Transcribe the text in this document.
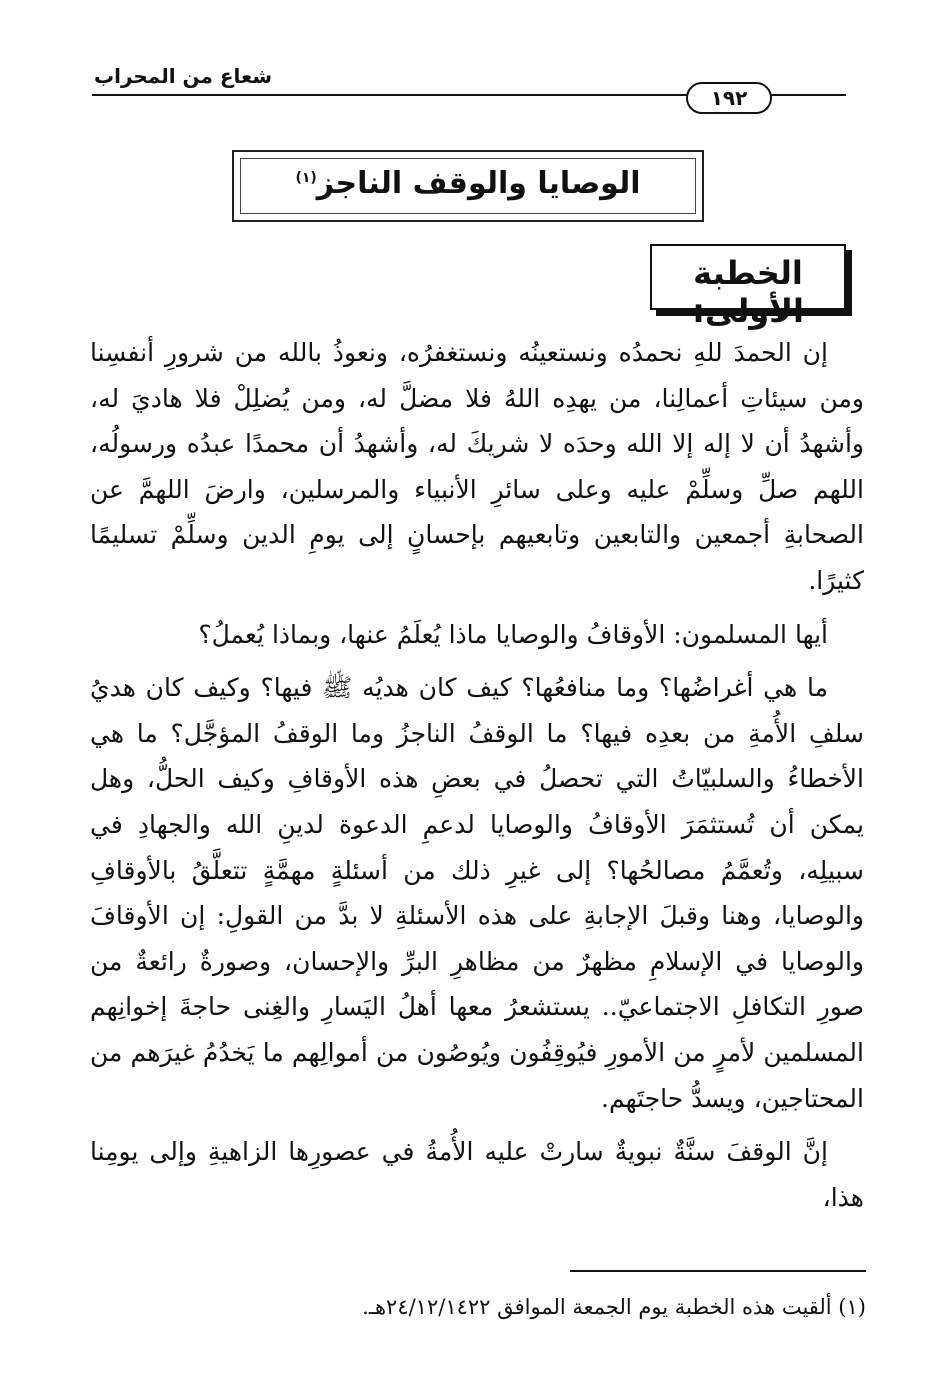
شعاع من المحراب
١٩٢
الوصايا والوقف الناجز$^{(١)}$
الخطبة الأولى:

إن الحمدَ للهِ نحمدُه ونستعينُه ونستغفرُه، ونعوذُ بالله من شرورِ أنفسِنا ومن سيئاتِ أعمالِنا، من يهدِه اللهُ فلا مضلَّ له، ومن يُضلِلْ فلا هاديَ له، وأشهدُ أن لا إله إلا الله وحدَه لا شريكَ له، وأشهدُ أن محمدًا عبدُه ورسولُه، اللهم صلِّ وسلِّمْ عليه وعلى سائرِ الأنبياء والمرسلين، وارضَ اللهمَّ عن الصحابةِ أجمعين والتابعين وتابعيهم بإحسانٍ إلى يومِ الدين وسلِّمْ تسليمًا كثيرًا.

أيها المسلمون: الأوقافُ والوصايا ماذا يُعلَمُ عنها، وبماذا يُعملُ؟

ما هي أغراضُها؟ وما منافعُها؟ كيف كان هديُه ﷺ فيها؟ وكيف كان هديُ سلفِ الأُمةِ من بعدِه فيها؟ ما الوقفُ الناجزُ وما الوقفُ المؤجَّل؟ ما هي الأخطاءُ والسلبيّاتُ التي تحصلُ في بعضِ هذه الأوقافِ وكيف الحلُّ، وهل يمكن أن تُستثمَرَ الأوقافُ والوصايا لدعمِ الدعوة لدينِ الله والجهادِ في سبيلِه، وتُعمَّمُ مصالحُها؟ إلى غيرِ ذلك من أسئلةٍ مهمَّةٍ تتعلَّقُ بالأوقافِ والوصايا، وهنا وقبلَ الإجابةِ على هذه الأسئلةِ لا بدَّ من القولِ: إن الأوقافَ والوصايا في الإسلامِ مظهرٌ من مظاهرِ البرِّ والإحسان، وصورةٌ رائعةٌ من صورِ التكافلِ الاجتماعيّ.. يستشعرُ معها أهلُ اليَسارِ والغِنى حاجةَ إخوانِهم المسلمين لأمرٍ من الأمورِ فيُوقِفُون ويُوصُون من أموالِهم ما يَخدُمُ غيرَهم من المحتاجين، ويسدُّ حاجتَهم.

إنَّ الوقفَ سنَّةٌ نبويةٌ سارتْ عليه الأُمةُ في عصورِها الزاهيةِ وإلى يومِنا هذا،

(١) ألقيت هذه الخطبة يوم الجمعة الموافق ٢٤/١٢/١٤٢٢هـ.
